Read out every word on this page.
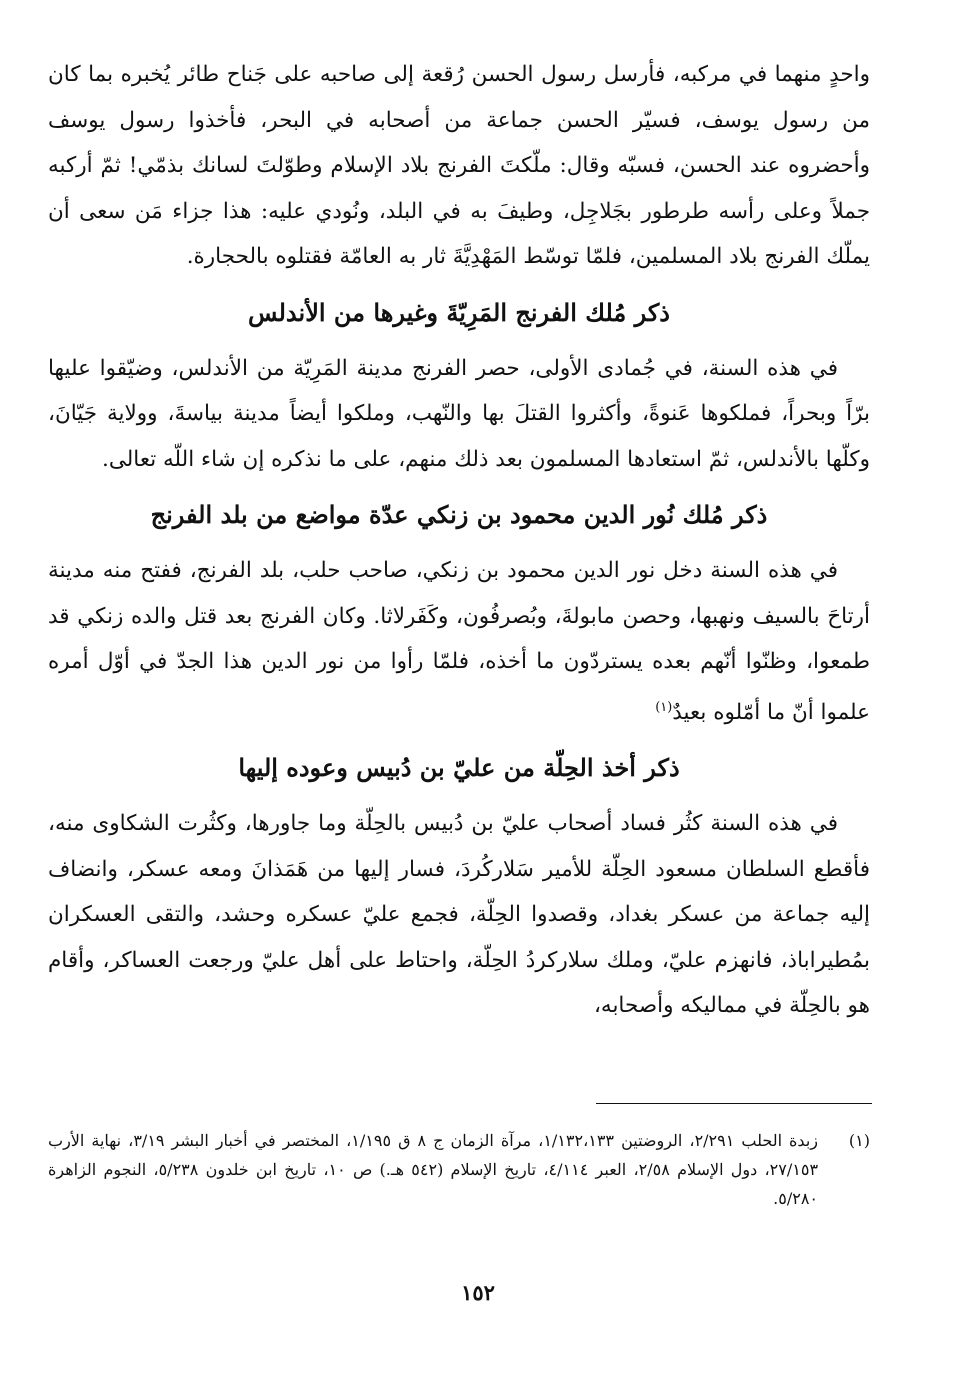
واحدٍ منهما في مركبه، فأرسل رسول الحسن رُقعة إلى صاحبه على جَناح طائر يُخبره بما كان من رسول يوسف، فسيّر الحسن جماعة من أصحابه في البحر، فأخذوا رسول يوسف وأحضروه عند الحسن، فسبّه وقال: ملّكتَ الفرنج بلاد الإسلام وطوّلتَ لسانك بذمّي! ثمّ أركبه جملاً وعلى رأسه طرطور بجَلاجِل، وطيفَ به في البلد، ونُودي عليه: هذا جزاء مَن سعى أن يملّك الفرنج بلاد المسلمين، فلمّا توسّط المَهْدِيَّةَ ثار به العامّة فقتلوه بالحجارة.

ذكر مُلك الفرنج المَرِيّةَ وغيرها من الأندلس

في هذه السنة، في جُمادى الأولى، حصر الفرنج مدينة المَرِيّة من الأندلس، وضيّقوا عليها برّاً وبحراً، فملكوها عَنوةً، وأكثروا القتلَ بها والنّهب، وملكوا أيضاً مدينة بياسةَ، وولاية جَيّانَ، وكلّها بالأندلس، ثمّ استعادها المسلمون بعد ذلك منهم، على ما نذكره إن شاء اللّه تعالى.

ذكر مُلك نُور الدين محمود بن زنكي عدّة مواضع من بلد الفرنج

في هذه السنة دخل نور الدين محمود بن زنكي، صاحب حلب، بلد الفرنج، ففتح منه مدينة أرتاحَ بالسيف ونهبها، وحصن مابولةَ، وبُصرفُون، وكَفَرلاثا. وكان الفرنج بعد قتل والده زنكي قد طمعوا، وظنّوا أنّهم بعده يستردّون ما أخذه، فلمّا رأوا من نور الدين هذا الجدّ في أوّل أمره علموا أنّ ما أمّلوه بعيدٌ$^{(١)}$

ذكر أخذ الحِلّة من عليّ بن دُبيس وعوده إليها

في هذه السنة كثُر فساد أصحاب عليّ بن دُبيس بالحِلّة وما جاورها، وكثُرت الشكاوى منه، فأقطع السلطان مسعود الحِلّة للأمير سَلاركُردَ، فسار إليها من هَمَذانَ ومعه عسكر، وانضاف إليه جماعة من عسكر بغداد، وقصدوا الحِلّة، فجمع عليّ عسكره وحشد، والتقى العسكران بمُطيراباذ، فانهزم عليّ، وملك سلاركردُ الحِلّة، واحتاط على أهل عليّ ورجعت العساكر، وأقام هو بالحِلّة في مماليكه وأصحابه،

(١)
زبدة الحلب ٢/٢٩١، الروضتين ١/١٣٢،١٣٣، مرآة الزمان ج ٨ ق ١/١٩٥، المختصر في أخبار البشر ٣/١٩، نهاية الأرب ٢٧/١٥٣، دول الإسلام ٢/٥٨، العبر ٤/١١٤، تاريخ الإسلام (٥٤٢ هـ.) ص ١٠، تاريخ ابن خلدون ٥/٢٣٨، النجوم الزاهرة ٥/٢٨٠.
١٥٢
